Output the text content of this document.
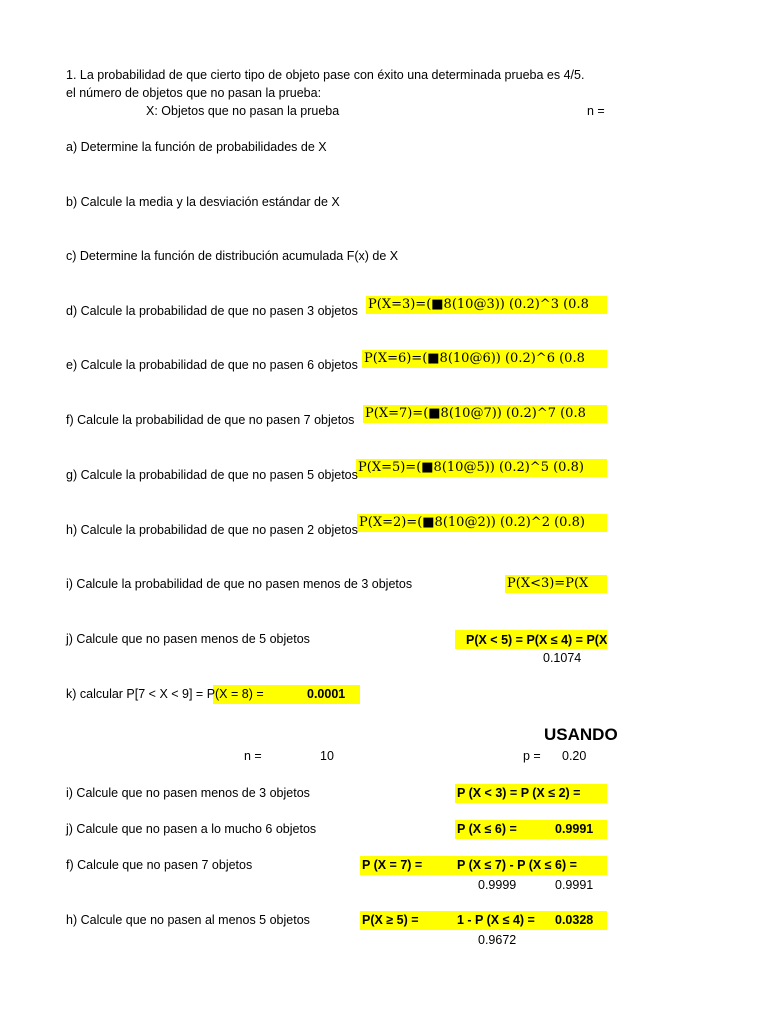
1. La probabilidad de que cierto tipo de objeto pase con éxito una determinada prueba es 4/5.
el número de objetos que no pasan la prueba:
X: Objetos que no pasan la prueba	n =
a) Determine la función de probabilidades de X
b) Calcule la media y la desviación estándar de X
c) Determine la función de distribución acumulada F(x) de X
d) Calcule la probabilidad de que no pasen 3 objetos P(X=3)=(■8(10@3)) (0.2)^3 (0.8
e) Calcule la probabilidad de que no pasen 6 objetos P(X=6)=(■8(10@6)) (0.2)^6 (0.8
f) Calcule la probabilidad de que no pasen 7 objetos P(X=7)=(■8(10@7)) (0.2)^7 (0.8
g) Calcule la probabilidad de que no pasen 5 objetos P(X=5)=(■8(10@5)) (0.2)^5 (0.8)
h) Calcule la probabilidad de que no pasen 2 objetos P(X=2)=(■8(10@2)) (0.2)^2 (0.8)
i) Calcule la probabilidad de que no pasen menos de 3 objetos	P(X<3)=P(X
j) Calcule que no pasen menos de 5 objetos	P(X < 5) = P(X ≤ 4) = P(X
0.1074
k) calcular P[7 < X < 9] = P (X = 8) =	0.0001
USANDO
n =	10	p = 0.20
i) Calcule que no pasen menos de 3 objetos	P (X < 3) = P (X ≤ 2) =
j) Calcule que no pasen a lo mucho 6 objetos	P (X ≤ 6) =	0.9991
f) Calcule que no pasen 7 objetos	P (X = 7) =	P (X ≤ 7) - P (X ≤ 6) =
0.9999	0.9991
h) Calcule que no pasen al menos 5 objetos	P(X ≥ 5) =	1 - P (X ≤ 4) = 0.0328
0.9672
